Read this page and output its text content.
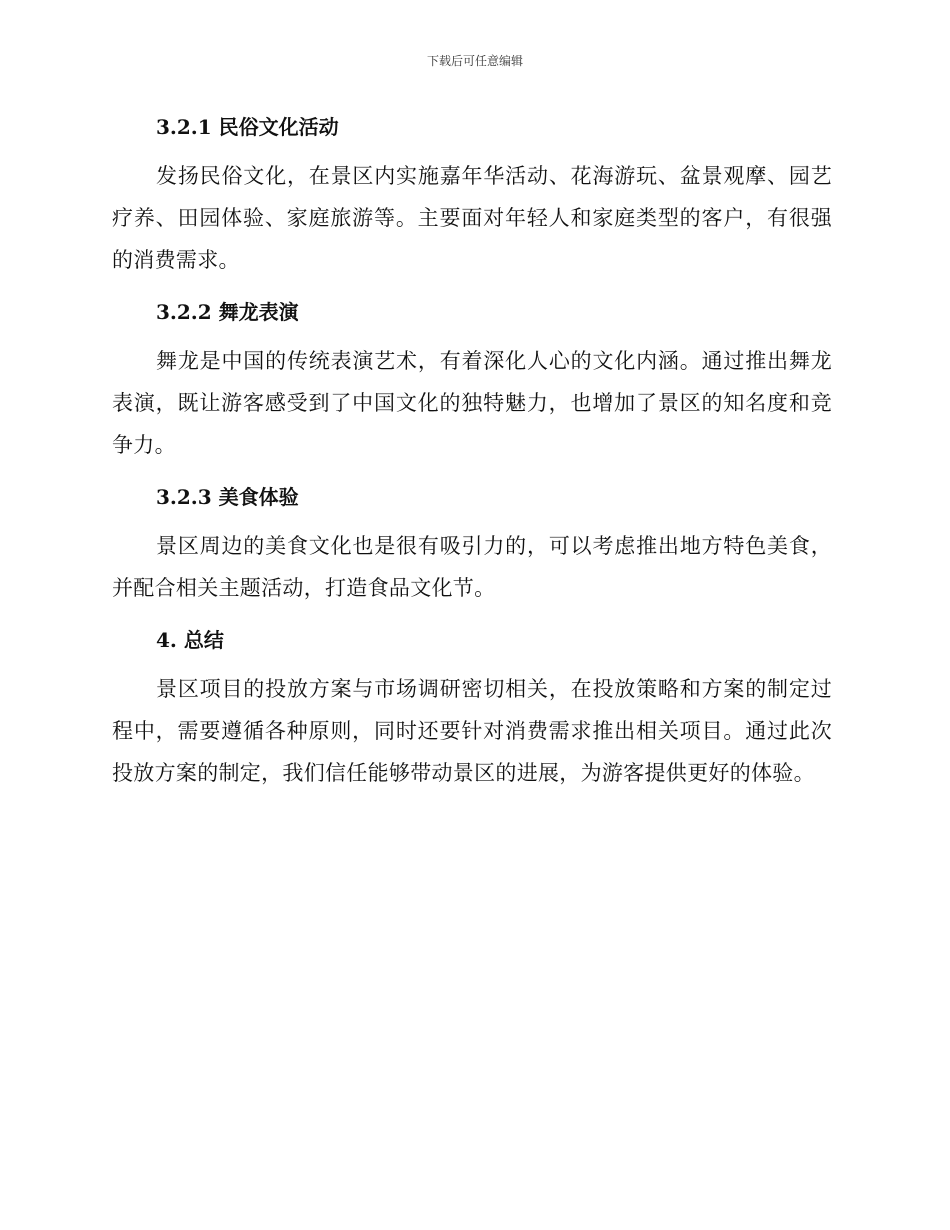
下载后可任意编辑
3.2.1 民俗文化活动

发扬民俗文化，在景区内实施嘉年华活动、花海游玩、盆景观摩、园艺疗养、田园体验、家庭旅游等。主要面对年轻人和家庭类型的客户，有很强的消费需求。

3.2.2 舞龙表演

舞龙是中国的传统表演艺术，有着深化人心的文化内涵。通过推出舞龙表演，既让游客感受到了中国文化的独特魅力，也增加了景区的知名度和竞争力。

3.2.3 美食体验

景区周边的美食文化也是很有吸引力的，可以考虑推出地方特色美食，并配合相关主题活动，打造食品文化节。

4. 总结

景区项目的投放方案与市场调研密切相关，在投放策略和方案的制定过程中，需要遵循各种原则，同时还要针对消费需求推出相关项目。通过此次投放方案的制定，我们信任能够带动景区的进展，为游客提供更好的体验。
